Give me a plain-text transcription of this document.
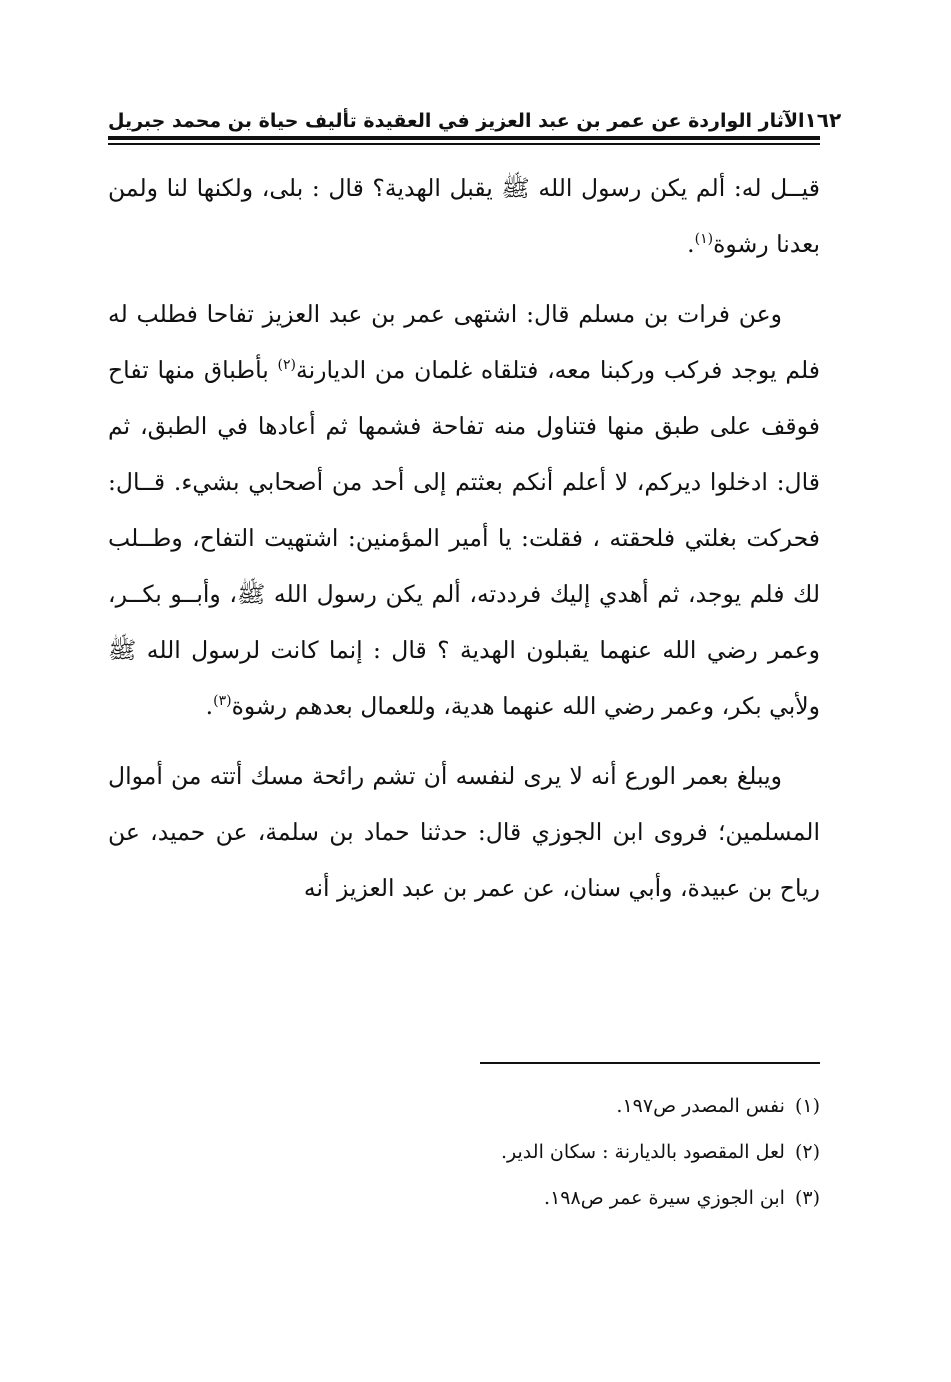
الآثار الواردة عن عمر بن عبد العزيز في العقيدة تأليف حياة بن محمد جبريل ١٦٢

قيــل له: ألم يكن رسول الله ﷺ يقبل الهدية؟ قال : بلى، ولكنها لنا ولمن بعدنا رشوة$^{(١)}$.

وعن فرات بن مسلم قال: اشتهى عمر بن عبد العزيز تفاحا فطلب له فلم يوجد فركب وركبنا معه، فتلقاه غلمان من الديارنة$^{(٢)}$ بأطباق منها تفاح فوقف على طبق منها فتناول منه تفاحة فشمها ثم أعادها في الطبق، ثم قال: ادخلوا ديركم، لا أعلم أنكم بعثتم إلى أحد من أصحابي بشيء. قــال: فحركت بغلتي فلحقته ، فقلت: يا أمير المؤمنين: اشتهيت التفاح، وطــلب لك فلم يوجد، ثم أهدي إليك فرددته، ألم يكن رسول الله ﷺ، وأبــو بكــر، وعمر رضي الله عنهما يقبلون الهدية ؟ قال : إنما كانت لرسول الله ﷺ ولأبي بكر، وعمر رضي الله عنهما هدية، وللعمال بعدهم رشوة$^{(٣)}$.

ويبلغ بعمر الورع أنه لا يرى لنفسه أن تشم رائحة مسك أتته من أموال المسلمين؛ فروى ابن الجوزي قال: حدثنا حماد بن سلمة، عن حميد، عن رياح بن عبيدة، وأبي سنان، عن عمر بن عبد العزيز أنه

(١)نفس المصدر ص١٩٧.
(٢)لعل المقصود بالديارنة : سكان الدير.
(٣)ابن الجوزي سيرة عمر ص١٩٨.
